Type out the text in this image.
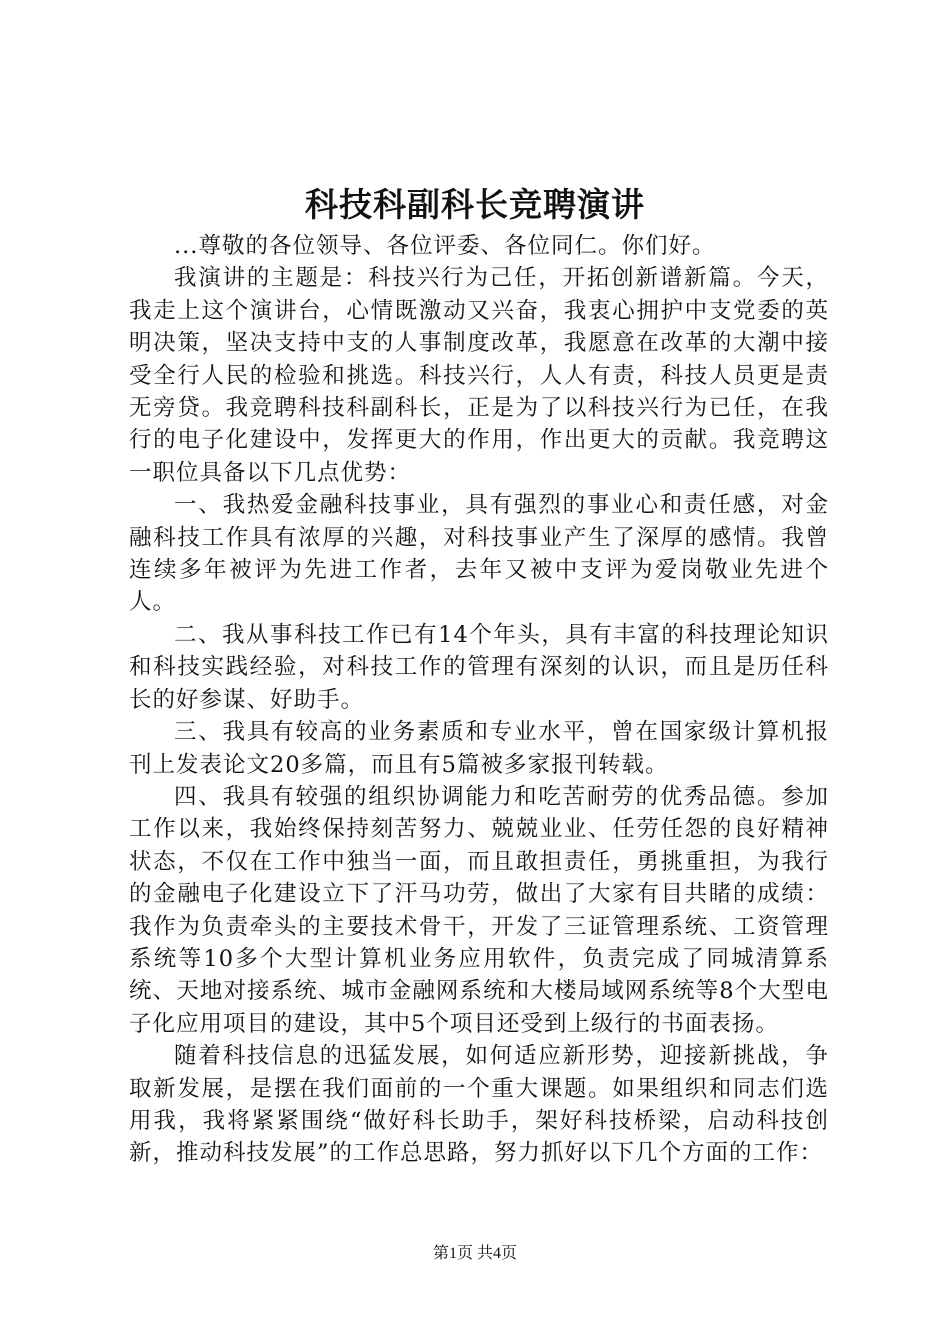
科技科副科长竞聘演讲

...尊敬的各位领导、各位评委、各位同仁。你们好。

我演讲的主题是：科技兴行为己任，开拓创新谱新篇。今天，我走上这个演讲台，心情既激动又兴奋，我衷心拥护中支党委的英明决策，坚决支持中支的人事制度改革，我愿意在改革的大潮中接受全行人民的检验和挑选。科技兴行，人人有责，科技人员更是责无旁贷。我竞聘科技科副科长，正是为了以科技兴行为已任，在我行的电子化建设中，发挥更大的作用，作出更大的贡献。我竞聘这一职位具备以下几点优势：

一、我热爱金融科技事业，具有强烈的事业心和责任感，对金融科技工作具有浓厚的兴趣，对科技事业产生了深厚的感情。我曾连续多年被评为先进工作者，去年又被中支评为爱岗敬业先进个人。

二、我从事科技工作已有14个年头，具有丰富的科技理论知识和科技实践经验，对科技工作的管理有深刻的认识，而且是历任科长的好参谋、好助手。

三、我具有较高的业务素质和专业水平，曾在国家级计算机报刊上发表论文20多篇，而且有5篇被多家报刊转载。

四、我具有较强的组织协调能力和吃苦耐劳的优秀品德。参加工作以来，我始终保持刻苦努力、兢兢业业、任劳任怨的良好精神状态，不仅在工作中独当一面，而且敢担责任，勇挑重担，为我行的金融电子化建设立下了汗马功劳，做出了大家有目共睹的成绩：我作为负责牵头的主要技术骨干，开发了三证管理系统、工资管理系统等10多个大型计算机业务应用软件，负责完成了同城清算系统、天地对接系统、城市金融网系统和大楼局域网系统等8个大型电子化应用项目的建设，其中5个项目还受到上级行的书面表扬。

随着科技信息的迅猛发展，如何适应新形势，迎接新挑战，争取新发展，是摆在我们面前的一个重大课题。如果组织和同志们选用我，我将紧紧围绕“做好科长助手，架好科技桥梁，启动科技创新，推动科技发展”的工作总思路，努力抓好以下几个方面的工作：

第1页 共4页
